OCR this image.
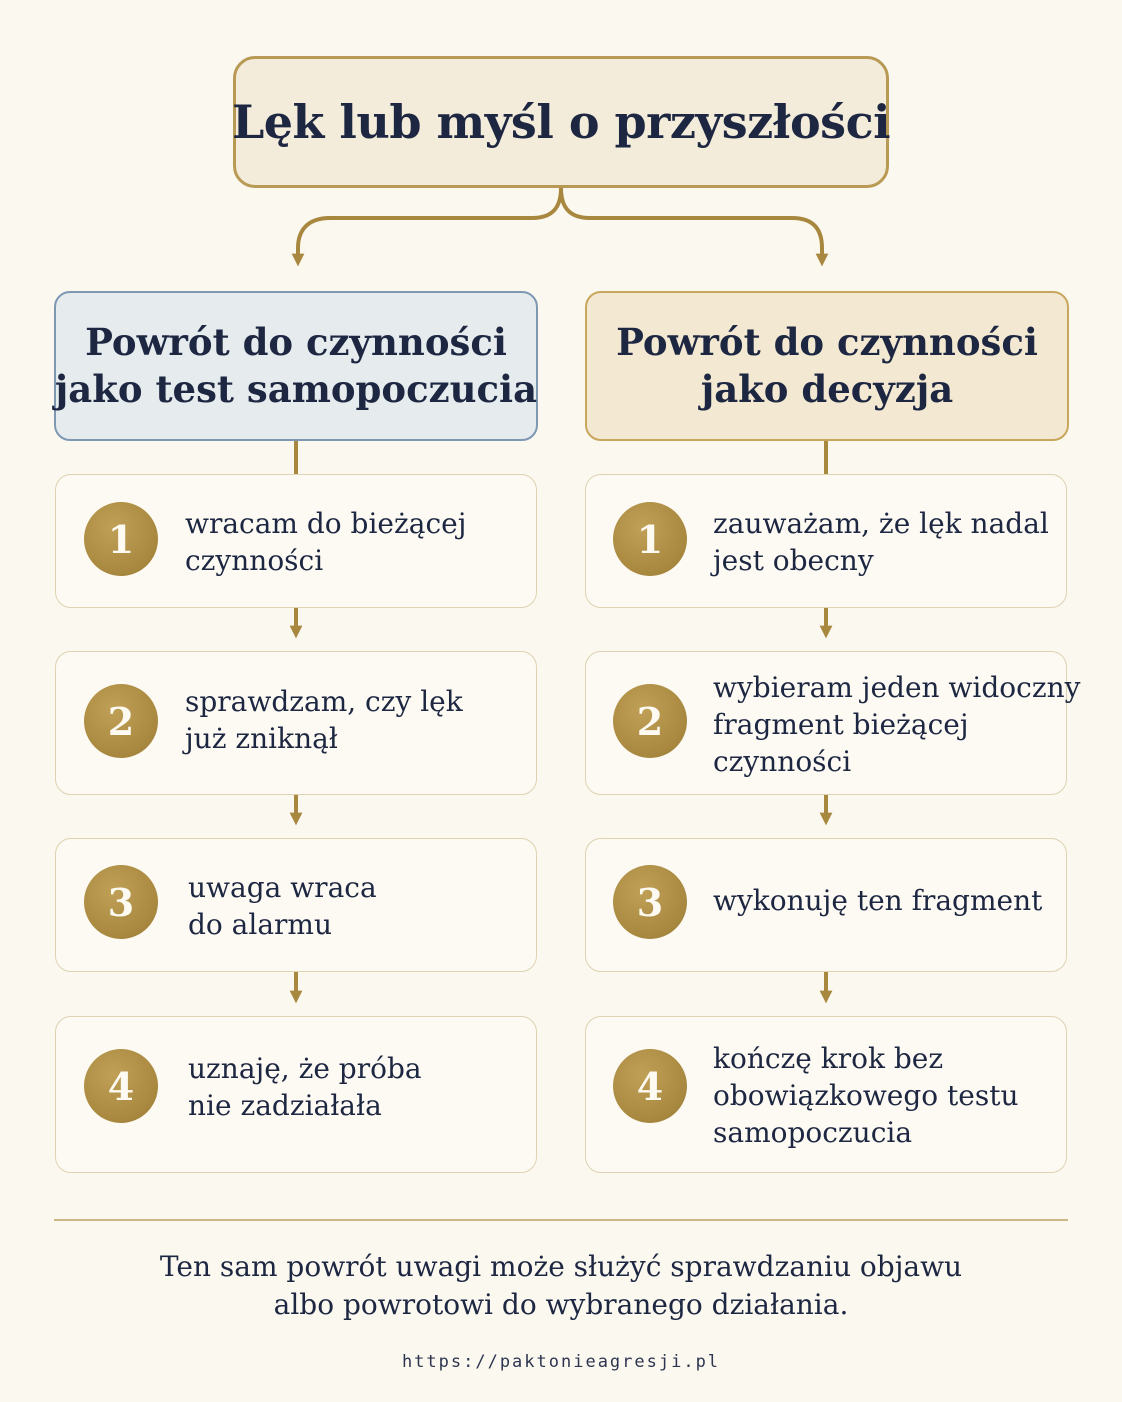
Lęk lub myśl o przyszłości
Powrót do czynności
jako test samopoczucia
Powrót do czynności
jako decyzja
1	wracam do bieżącej
czynności
2	sprawdzam, czy lęk
już zniknął
3	uwaga wraca
do alarmu
4	uznaję, że próba
nie zadziałała
1	zauważam, że lęk nadal
jest obecny
2
wybieram jeden widoczny
fragment bieżącej
czynności
3	wykonuję ten fragment
4
kończę krok bez
obowiązkowego testu
samopoczucia
Ten sam powrót uwagi może służyć sprawdzaniu objawu
albo powrotowi do wybranego działania.
https://paktonieagresji.pl
